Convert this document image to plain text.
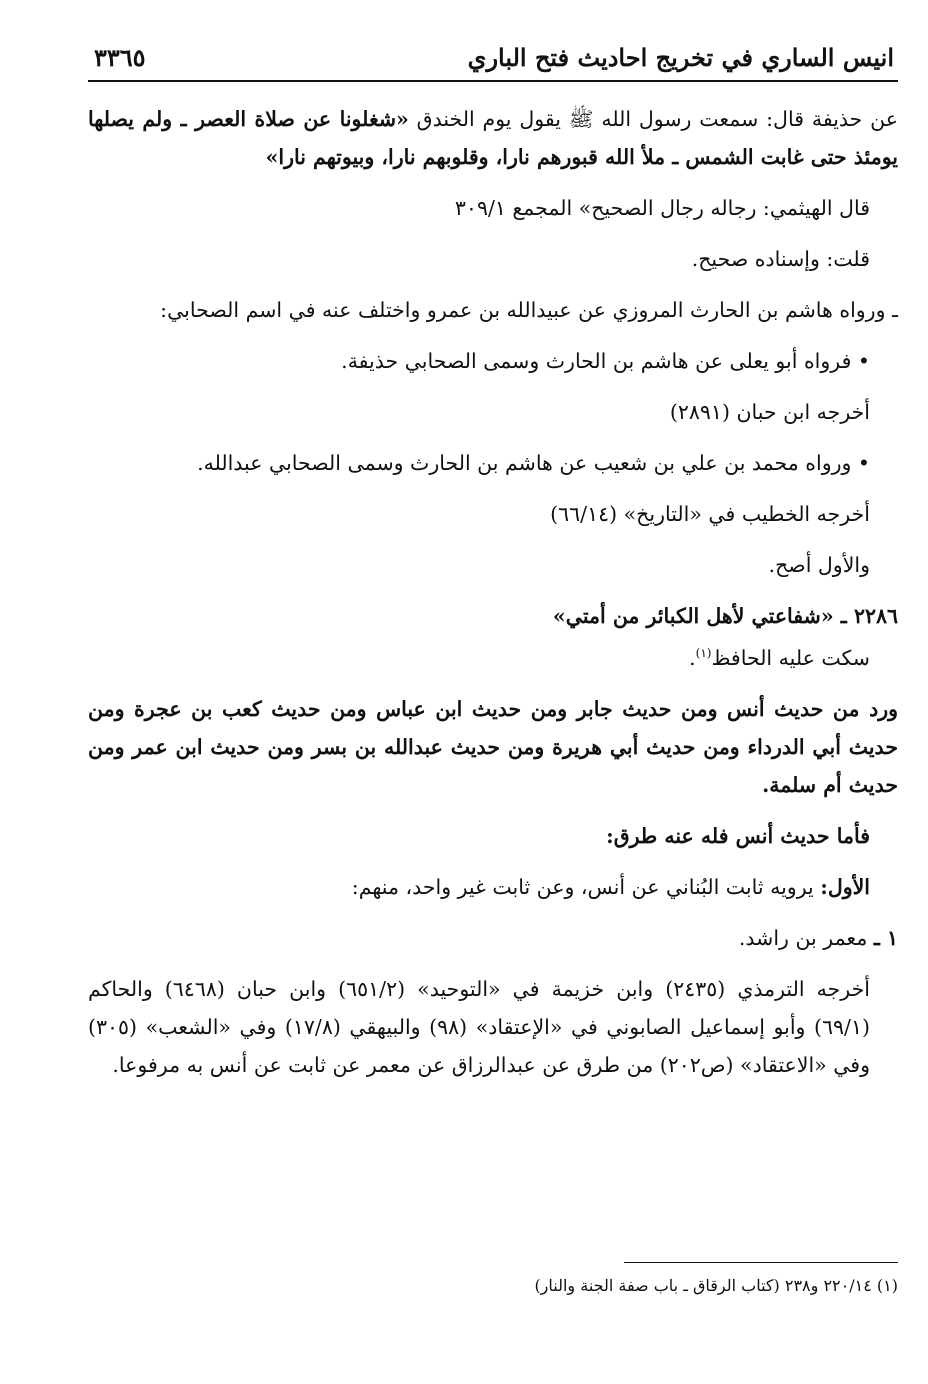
انيس الساري في تخريج احاديث فتح الباري
٣٣٦٥

عن حذيفة قال: سمعت رسول الله ﷺ يقول يوم الخندق «شغلونا عن صلاة العصر ـ ولم يصلها يومئذ حتى غابت الشمس ـ ملأ الله قبورهم نارا، وقلوبهم نارا، وبيوتهم نارا»

قال الهيثمي: رجاله رجال الصحيح» المجمع ٣٠٩/١

قلت: وإسناده صحيح.

ـ ورواه هاشم بن الحارث المروزي عن عبيدالله بن عمرو واختلف عنه في اسم الصحابي:

• فرواه أبو يعلى عن هاشم بن الحارث وسمى الصحابي حذيفة.

أخرجه ابن حبان (٢٨٩١)

• ورواه محمد بن علي بن شعيب عن هاشم بن الحارث وسمى الصحابي عبدالله.

أخرجه الخطيب في «التاريخ» (٦٦/١٤)

والأول أصح.

٢٢٨٦ ـ «شفاعتي لأهل الكبائر من أمتي»

سكت عليه الحافظ$^{(١)}$.

ورد من حديث أنس ومن حديث جابر ومن حديث ابن عباس ومن حديث كعب بن عجرة ومن حديث أبي الدرداء ومن حديث أبي هريرة ومن حديث عبدالله بن بسر ومن حديث ابن عمر ومن حديث أم سلمة.

فأما حديث أنس فله عنه طرق:

الأول: يرويه ثابت البُناني عن أنس، وعن ثابت غير واحد، منهم:

١ ـ معمر بن راشد.

أخرجه الترمذي (٢٤٣٥) وابن خزيمة في «التوحيد» (٦٥١/٢) وابن حبان (٦٤٦٨) والحاكم (٦٩/١) وأبو إسماعيل الصابوني في «الإعتقاد» (٩٨) والبيهقي (١٧/٨) وفي «الشعب» (٣٠٥) وفي «الاعتقاد» (ص٢٠٢) من طرق عن عبدالرزاق عن معمر عن ثابت عن أنس به مرفوعا.

(١) ٢٢٠/١٤ و٢٣٨ (كتاب الرقاق ـ باب صفة الجنة والنار)
